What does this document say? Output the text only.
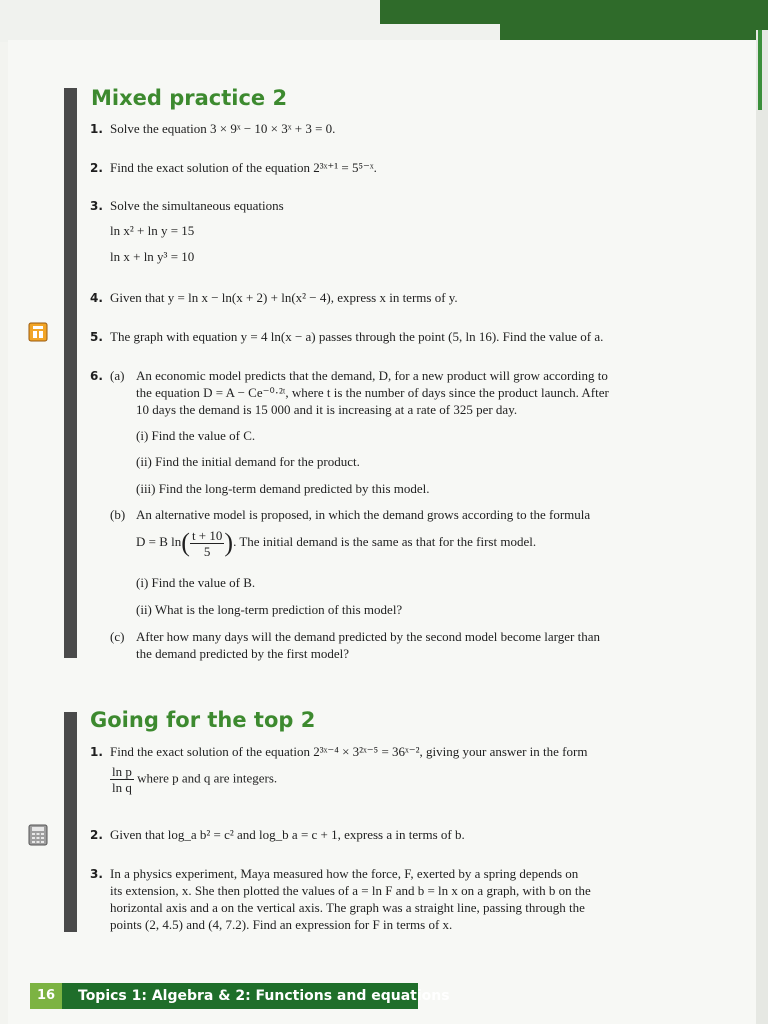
Mixed practice 2
1. Solve the equation 3 × 9ˣ − 10 × 3ˣ + 3 = 0.
2. Find the exact solution of the equation 2³ˣ⁺¹ = 5⁵⁻ˣ.
3. Solve the simultaneous equations
ln x² + ln y = 15
ln x + ln y³ = 10
4. Given that y = ln x − ln(x + 2) + ln(x² − 4), express x in terms of y.
5. The graph with equation y = 4 ln(x − a) passes through the point (5, ln 16). Find the value of a.
6. (a) An economic model predicts that the demand, D, for a new product will grow according to
the equation D = A − Ce⁻⁰·²ᵗ, where t is the number of days since the product launch. After
10 days the demand is 15 000 and it is increasing at a rate of 325 per day.
(i) Find the value of C.
(ii) Find the initial demand for the product.
(iii) Find the long-term demand predicted by this model.
(b) An alternative model is proposed, in which the demand grows according to the formula
D = B $\ln( \frac{t + 10}{5}$ ). The initial demand is the same as that for the first model.
(i) Find the value of B.
(ii) What is the long-term prediction of this model?
(c) After how many days will the demand predicted by the second model become larger than
the demand predicted by the first model?
Going for the top 2
1. Find the exact solution of the equation 2³ˣ⁻⁴ × 3²ˣ⁻⁵ = 36ˣ⁻², giving your answer in the form
$\frac{\text{ln p}}{\text{ln q}}$ where p and q are integers.
2. Given that log_a b² = c² and log_b a = c + 1, express a in terms of b.
3. In a physics experiment, Maya measured how the force, F, exerted by a spring depends on
its extension, x. She then plotted the values of a = ln F and b = ln x on a graph, with b on the
horizontal axis and a on the vertical axis. The graph was a straight line, passing through the
points (2, 4.5) and (4, 7.2). Find an expression for F in terms of x.
16	Topics 1: Algebra & 2: Functions and equations
